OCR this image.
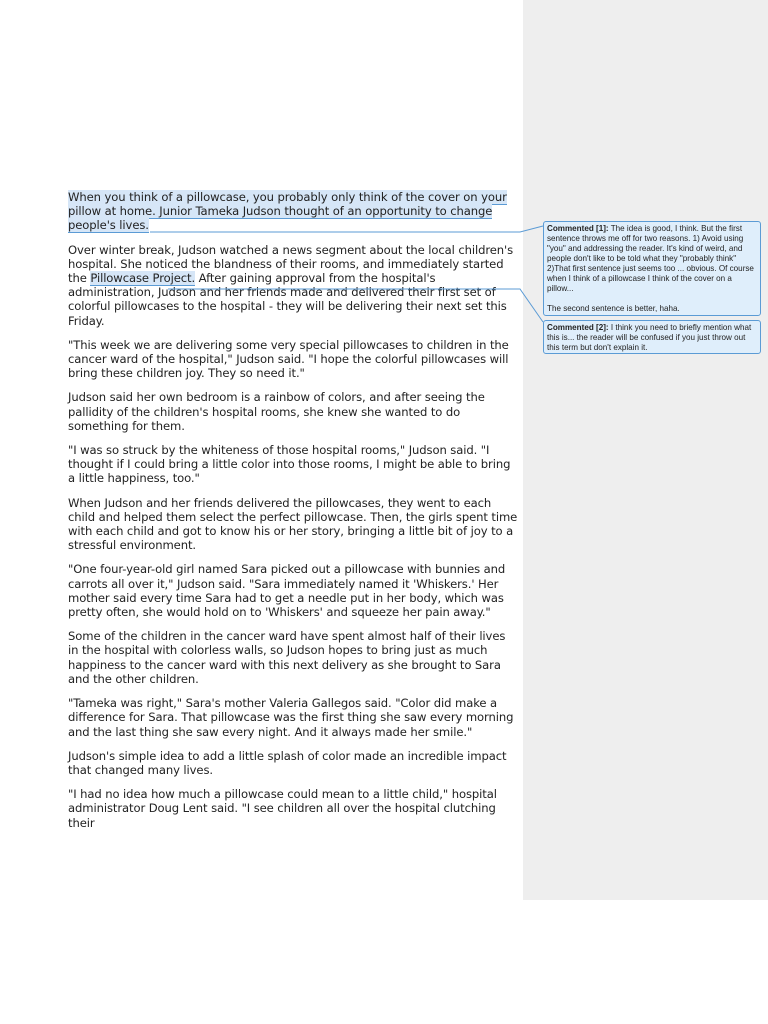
When you think of a pillowcase, you probably only think of the cover on your pillow at home. Junior Tameka Judson thought of an opportunity to change people's lives.

Over winter break, Judson watched a news segment about the local children's hospital. She noticed the blandness of their rooms, and immediately started the Pillowcase Project. After gaining approval from the hospital's administration, Judson and her friends made and delivered their first set of colorful pillowcases to the hospital - they will be delivering their next set this Friday.

"This week we are delivering some very special pillowcases to children in the cancer ward of the hospital," Judson said. "I hope the colorful pillowcases will bring these children joy. They so need it."

Judson said her own bedroom is a rainbow of colors, and after seeing the pallidity of the children's hospital rooms, she knew she wanted to do something for them.

"I was so struck by the whiteness of those hospital rooms," Judson said. "I thought if I could bring a little color into those rooms, I might be able to bring a little happiness, too."

When Judson and her friends delivered the pillowcases, they went to each child and helped them select the perfect pillowcase. Then, the girls spent time with each child and got to know his or her story, bringing a little bit of joy to a stressful environment.

"One four-year-old girl named Sara picked out a pillowcase with bunnies and carrots all over it," Judson said. "Sara immediately named it 'Whiskers.' Her mother said every time Sara had to get a needle put in her body, which was pretty often, she would hold on to 'Whiskers' and squeeze her pain away."

Some of the children in the cancer ward have spent almost half of their lives in the hospital with colorless walls, so Judson hopes to bring just as much happiness to the cancer ward with this next delivery as she brought to Sara and the other children.

"Tameka was right," Sara's mother Valeria Gallegos said. "Color did make a difference for Sara. That pillowcase was the first thing she saw every morning and the last thing she saw every night. And it always made her smile."

Judson's simple idea to add a little splash of color made an incredible impact that changed many lives.

"I had no idea how much a pillowcase could mean to a little child," hospital administrator Doug Lent said. "I see children all over the hospital clutching their

Commented [1]: The idea is good, I think. But the first sentence throws me off for two reasons. 1) Avoid using "you" and addressing the reader. It's kind of weird, and people don't like to be told what they "probably think" 2)That first sentence just seems too ... obvious. Of course when I think of a pillowcase I think of the cover on a pillow...

The second sentence is better, haha.

Commented [2]: I think you need to briefly mention what this is... the reader will be confused if you just throw out this term but don't explain it.
